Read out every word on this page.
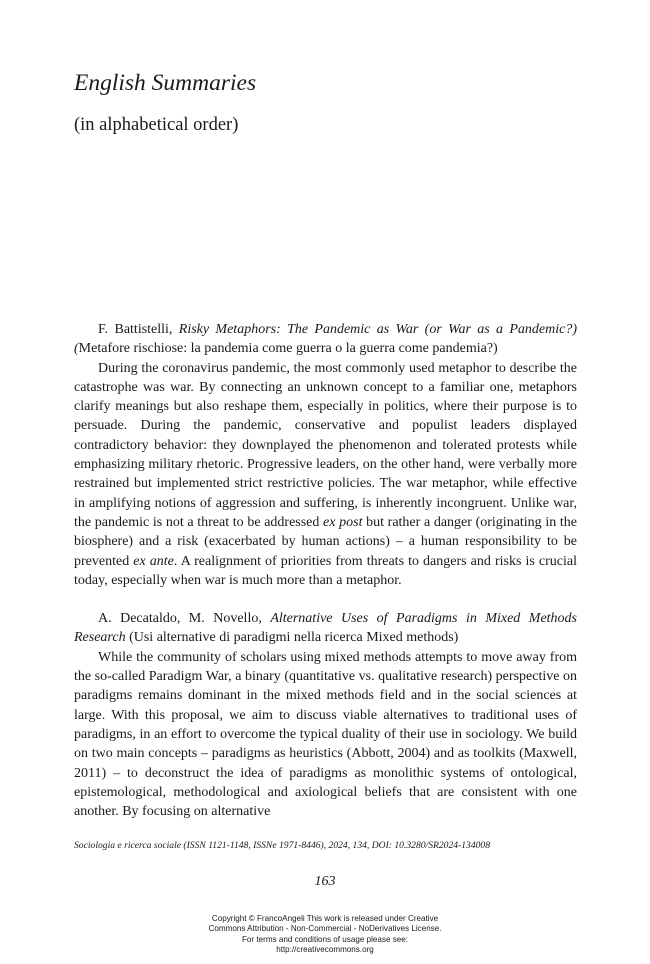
English Summaries
(in alphabetical order)

F. Battistelli, Risky Metaphors: The Pandemic as War (or War as a Pandemic?) (Metafore rischiose: la pandemia come guerra o la guerra come pandemia?)

During the coronavirus pandemic, the most commonly used metaphor to describe the catastrophe was war. By connecting an unknown concept to a familiar one, metaphors clarify meanings but also reshape them, especially in politics, where their purpose is to persuade. During the pandemic, conservative and populist leaders displayed contradictory behavior: they downplayed the phenomenon and tolerated protests while emphasizing military rhetoric. Progressive leaders, on the other hand, were verbally more restrained but implemented strict restrictive policies. The war metaphor, while effective in amplifying notions of aggression and suffering, is inherently incongruent. Unlike war, the pandemic is not a threat to be addressed ex post but rather a danger (originating in the biosphere) and a risk (exacerbated by human actions) – a human responsibility to be prevented ex ante. A realignment of priorities from threats to dangers and risks is crucial today, especially when war is much more than a metaphor.

A. Decataldo, M. Novello, Alternative Uses of Paradigms in Mixed Methods Research (Usi alternative di paradigmi nella ricerca Mixed methods)

While the community of scholars using mixed methods attempts to move away from the so-called Paradigm War, a binary (quantitative vs. qualitative research) perspective on paradigms remains dominant in the mixed methods field and in the social sciences at large. With this proposal, we aim to discuss viable alternatives to traditional uses of paradigms, in an effort to overcome the typical duality of their use in sociology. We build on two main concepts – paradigms as heuristics (Abbott, 2004) and as toolkits (Maxwell, 2011) – to deconstruct the idea of paradigms as monolithic systems of ontological, epistemological, methodological and axiological beliefs that are consistent with one another. By focusing on alternative

Sociologia e ricerca sociale (ISSN 1121-1148, ISSNe 1971-8446), 2024, 134, DOI: 10.3280/SR2024-134008
163
Copyright © FrancoAngeli This work is released under Creative
Commons Attribution - Non-Commercial - NoDerivatives License.
For terms and conditions of usage please see:
http://creativecommons.org
